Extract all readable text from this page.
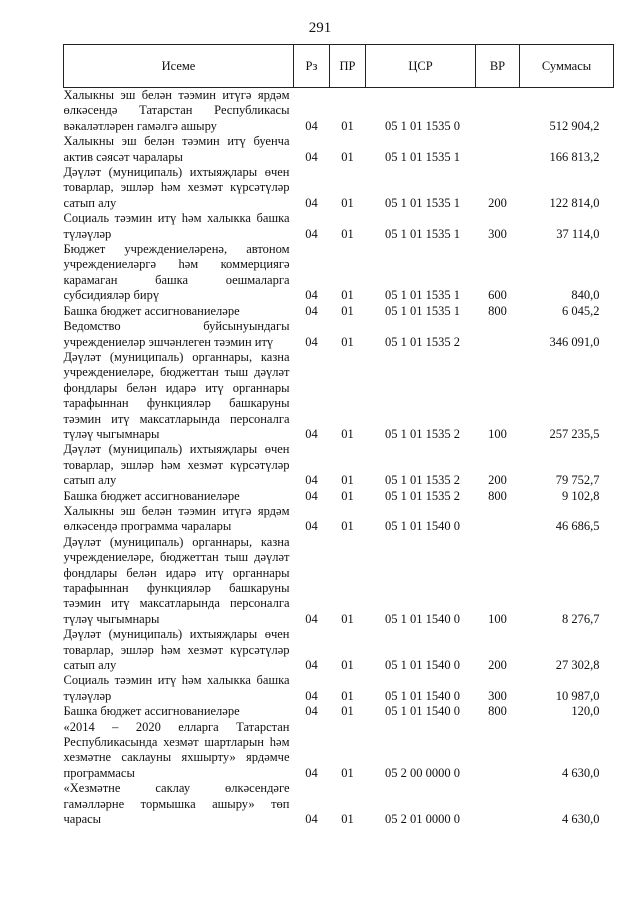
291
Исеме	Рз	ПР	ЦСР	ВР	Суммасы
Халыкны эш белән тәэмин итүгә ярдәм өлкәсендә Татарстан Республикасы вәкаләтләрен гамәлгә ашыру	04	01	05 1 01 1535 0		512 904,2
Халыкны эш белән тәэмин итү буенча актив сәясәт чаралары	04	01	05 1 01 1535 1		166 813,2
Дәүләт (муниципаль) ихтыяҗлары өчен товарлар, эшләр һәм хезмәт күрсәтүләр сатып алу	04	01	05 1 01 1535 1	200	122 814,0
Социаль тәэмин итү һәм халыкка башка түләүләр	04	01	05 1 01 1535 1	300	37 114,0
Бюджет учреждениеләренә, автоном учреждениеләргә һәм коммерциягә карамаган башка оешмаларга субсидияләр бирү	04	01	05 1 01 1535 1	600	840,0
Башка бюджет ассигнованиеләре	04	01	05 1 01 1535 1	800	6 045,2
Ведомство буйсынуындагы учреждениеләр эшчәнлеген тәэмин итү	04	01	05 1 01 1535 2		346 091,0
Дәүләт (муниципаль) органнары, казна учреждениеләре, бюджеттан тыш дәүләт фондлары белән идарә итү органнары тарафыннан функцияләр башкаруны тәэмин итү максатларында персоналга түләү чыгымнары	04	01	05 1 01 1535 2	100	257 235,5
Дәүләт (муниципаль) ихтыяҗлары өчен товарлар, эшләр һәм хезмәт күрсәтүләр сатып алу	04	01	05 1 01 1535 2	200	79 752,7
Башка бюджет ассигнованиеләре	04	01	05 1 01 1535 2	800	9 102,8
Халыкны эш белән тәэмин итүгә ярдәм өлкәсендә программа чаралары	04	01	05 1 01 1540 0		46 686,5
Дәүләт (муниципаль) органнары, казна учреждениеләре, бюджеттан тыш дәүләт фондлары белән идарә итү органнары тарафыннан функцияләр башкаруны тәэмин итү максатларында персоналга түләү чыгымнары	04	01	05 1 01 1540 0	100	8 276,7
Дәүләт (муниципаль) ихтыяҗлары өчен товарлар, эшләр һәм хезмәт күрсәтүләр сатып алу	04	01	05 1 01 1540 0	200	27 302,8
Социаль тәэмин итү һәм халыкка башка түләүләр	04	01	05 1 01 1540 0	300	10 987,0
Башка бюджет ассигнованиеләре	04	01	05 1 01 1540 0	800	120,0
«2014 – 2020 елларга Татарстан Республикасында хезмәт шартларын һәм хезмәтне саклауны яхшырту» ярдәмче программасы	04	01	05 2 00 0000 0		4 630,0
«Хезмәтне саклау өлкәсендәге гамәлләрне тормышка ашыру» төп чарасы	04	01	05 2 01 0000 0		4 630,0
